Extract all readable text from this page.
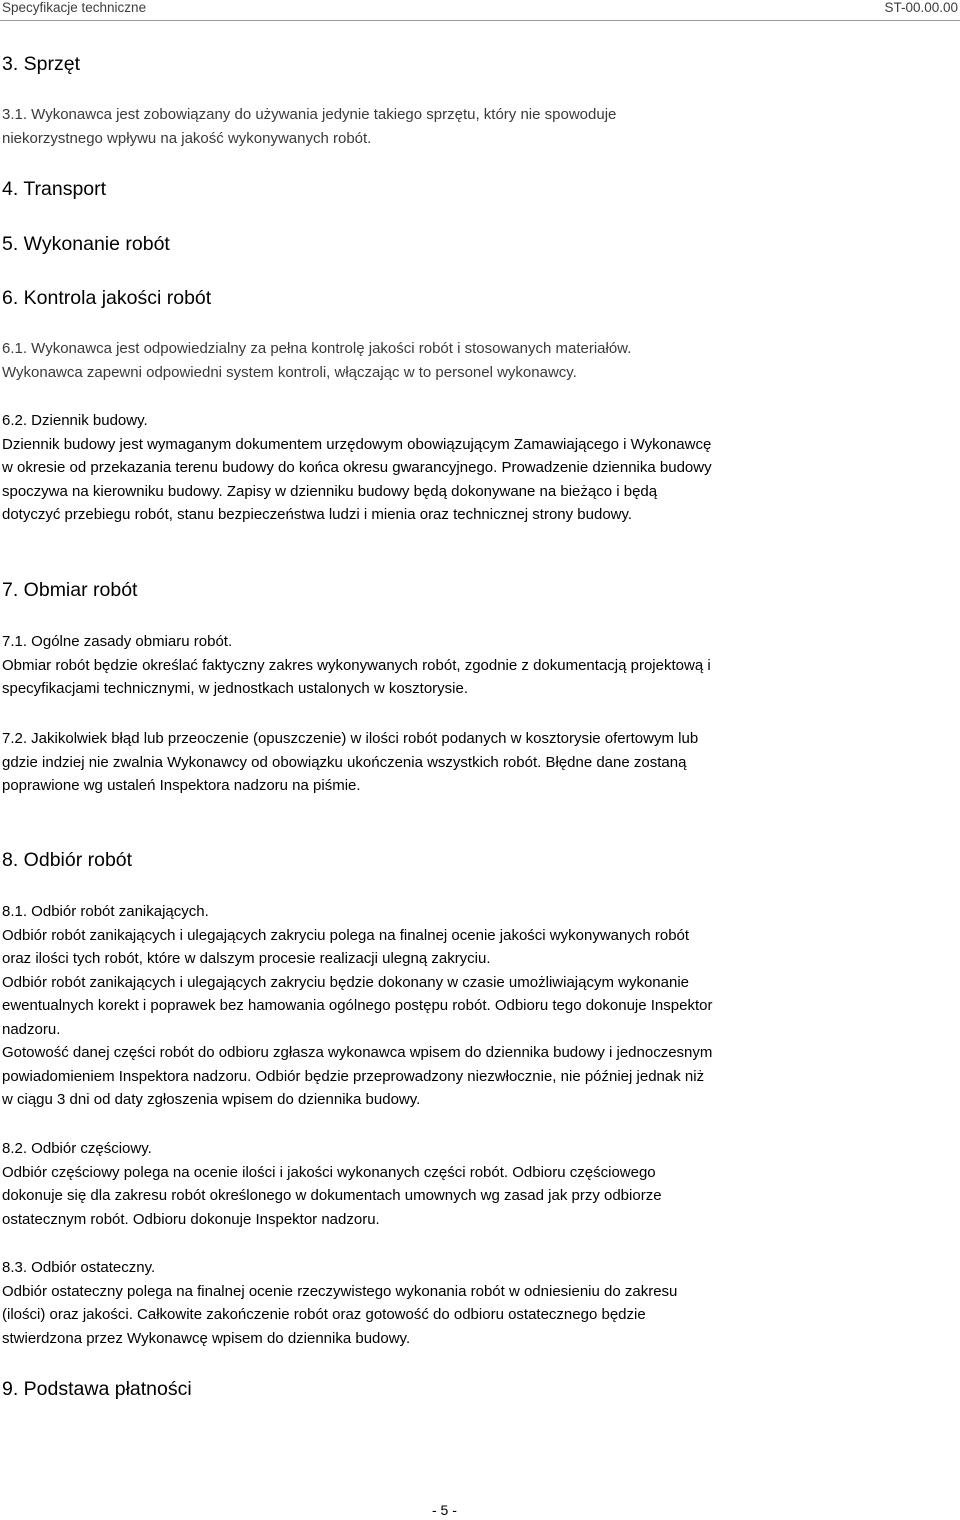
Specyfikacje techniczne	ST-00.00.00
3. Sprzęt
3.1. Wykonawca jest zobowiązany do używania jedynie takiego sprzętu, który nie spowoduje
niekorzystnego wpływu na jakość wykonywanych robót.
4. Transport
5. Wykonanie robót
6. Kontrola jakości robót
6.1. Wykonawca jest odpowiedzialny za pełna kontrolę jakości robót i stosowanych materiałów.
Wykonawca zapewni odpowiedni system kontroli, włączając w to personel wykonawcy.
6.2. Dziennik budowy.
Dziennik budowy jest wymaganym dokumentem urzędowym obowiązującym Zamawiającego i Wykonawcę
w okresie od przekazania terenu budowy do końca okresu gwarancyjnego. Prowadzenie dziennika budowy
spoczywa na kierowniku budowy. Zapisy w dzienniku budowy będą dokonywane na bieżąco i będą
dotyczyć przebiegu robót, stanu bezpieczeństwa ludzi i mienia oraz technicznej strony budowy.
7. Obmiar robót
7.1. Ogólne zasady obmiaru robót.
Obmiar robót będzie określać faktyczny zakres wykonywanych robót, zgodnie z dokumentacją projektową i
specyfikacjami technicznymi, w jednostkach ustalonych w kosztorysie.
7.2. Jakikolwiek błąd lub przeoczenie (opuszczenie) w ilości robót podanych w kosztorysie ofertowym lub
gdzie indziej nie zwalnia Wykonawcy od obowiązku ukończenia wszystkich robót. Błędne dane zostaną
poprawione wg ustaleń Inspektora nadzoru na piśmie.
8. Odbiór robót
8.1. Odbiór robót zanikających.
Odbiór robót zanikających i ulegających zakryciu polega na finalnej ocenie jakości wykonywanych robót
oraz ilości tych robót, które w dalszym procesie realizacji ulegną zakryciu.
Odbiór robót zanikających i ulegających zakryciu będzie dokonany w czasie umożliwiającym wykonanie
ewentualnych korekt i poprawek bez hamowania ogólnego postępu robót. Odbioru tego dokonuje Inspektor
nadzoru.
Gotowość danej części robót do odbioru zgłasza wykonawca wpisem do dziennika budowy i jednoczesnym
powiadomieniem Inspektora nadzoru. Odbiór będzie przeprowadzony niezwłocznie, nie później jednak niż
w ciągu 3 dni od daty zgłoszenia wpisem do dziennika budowy.
8.2. Odbiór częściowy.
Odbiór częściowy polega na ocenie ilości i jakości wykonanych części robót. Odbioru częściowego
dokonuje się dla zakresu robót określonego w dokumentach umownych wg zasad jak przy odbiorze
ostatecznym robót. Odbioru dokonuje Inspektor nadzoru.
8.3. Odbiór ostateczny.
Odbiór ostateczny polega na finalnej ocenie rzeczywistego wykonania robót w odniesieniu do zakresu
(ilości) oraz jakości. Całkowite zakończenie robót oraz gotowość do odbioru ostatecznego będzie
stwierdzona przez Wykonawcę wpisem do dziennika budowy.
9. Podstawa płatności
- 5 -
